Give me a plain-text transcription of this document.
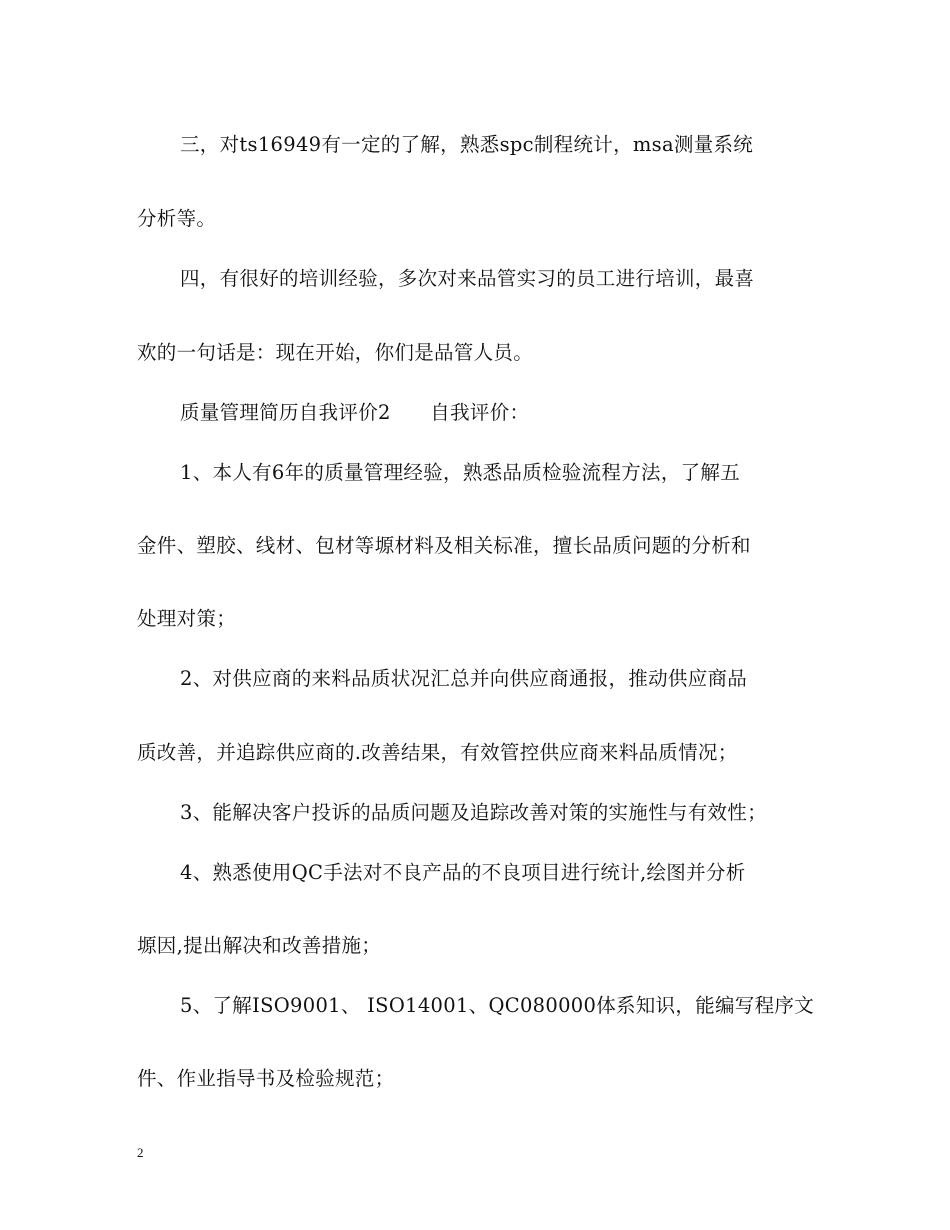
三，对ts16949有一定的了解，熟悉spc制程统计，msa测量系统
分析等。
四，有很好的培训经验，多次对来品管实习的员工进行培训，最喜
欢的一句话是：现在开始，你们是品管人员。
质量管理简历自我评价2　　自我评价：
1、本人有6年的质量管理经验，熟悉品质检验流程方法，了解五
金件、塑胶、线材、包材等塬材料及相关标准，擅长品质问题的分析和
处理对策；
2、对供应商的来料品质状况汇总并向供应商通报，推动供应商品
质改善，并追踪供应商的.改善结果，有效管控供应商来料品质情况；
3、能解决客户投诉的品质问题及追踪改善对策的实施性与有效性；
4、熟悉使用QC手法对不良产品的不良项目进行统计,绘图并分析
塬因,提出解决和改善措施；
5、了解ISO9001、 ISO14001、QC080000体系知识，能编写程序文
件、作业指导书及检验规范；
2
